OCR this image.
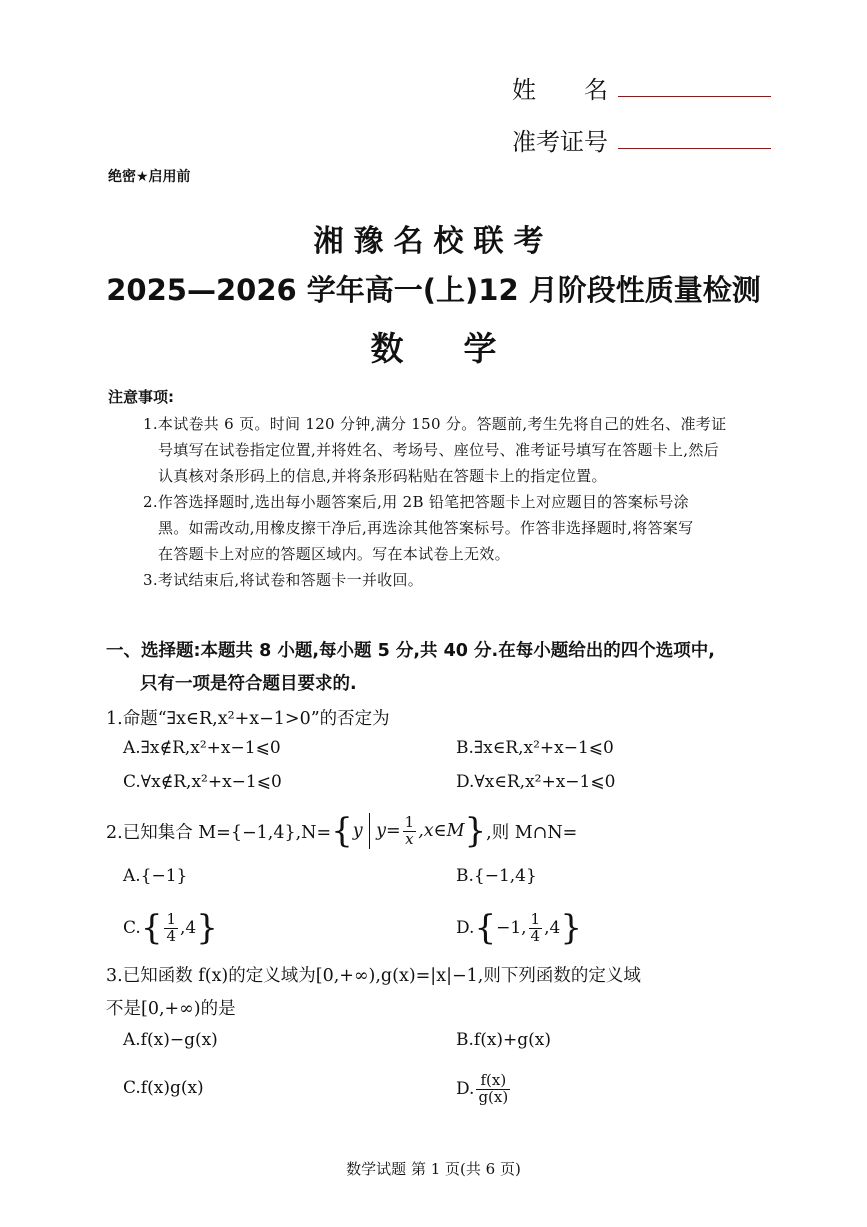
姓　　名
准考证号
绝密★启用前
湘豫名校联考
2025—2026 学年高一(上)12 月阶段性质量检测
数学
注意事项:
1.本试卷共 6 页。时间 120 分钟,满分 150 分。答题前,考生先将自己的姓名、准考证
号填写在试卷指定位置,并将姓名、考场号、座位号、准考证号填写在答题卡上,然后
认真核对条形码上的信息,并将条形码粘贴在答题卡上的指定位置。
2.作答选择题时,选出每小题答案后,用 2B 铅笔把答题卡上对应题目的答案标号涂
黑。如需改动,用橡皮擦干净后,再选涂其他答案标号。作答非选择题时,将答案写
在答题卡上对应的答题区域内。写在本试卷上无效。
3.考试结束后,将试卷和答题卡一并收回。
一、选择题:本题共 8 小题,每小题 5 分,共 40 分.在每小题给出的四个选项中,
只有一项是符合题目要求的.
1.命题“∃x∈R,x²+x−1>0”的否定为
A.∃x∉R,x²+x−1⩽0	B.∃x∈R,x²+x−1⩽0
C.∀x∉R,x²+x−1⩽0	D.∀x∈R,x²+x−1⩽0
2.已知集合 M={−1,4},N= { y $y= \frac{1}{x}$ ,x∈M } ,则 M∩N=
A.{−1}	B.{−1,4}
C. { $\frac{1}{4} ,4$ }	D. { −1, $\frac{1}{4} ,4$ }
3.已知函数 f(x)的定义域为[0,+∞),g(x)=|x|−1,则下列函数的定义域
不是[0,+∞)的是
A.f(x)−g(x)	B.f(x)+g(x)
C.f(x)g(x)	D. $\frac{f(x)}{g(x)}$
数学试题 第 1 页(共 6 页)
